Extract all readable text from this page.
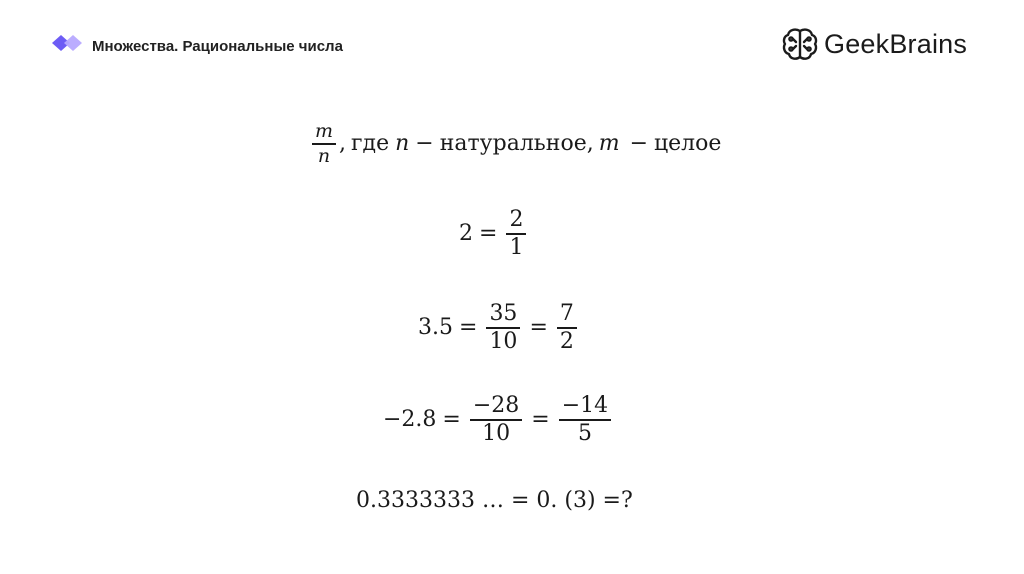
Множества. Рациональные числа	GeekBrains
$\frac{m}{n}$ , где n − натуральное, m − целое
$2 = \frac{2}{1}$
$3.5 = \frac{35}{10} = \frac{7}{2}$
$-2.8 = \frac{-28}{10} = \frac{-14}{5}$
0.3333333 … = 0. (3) =?
